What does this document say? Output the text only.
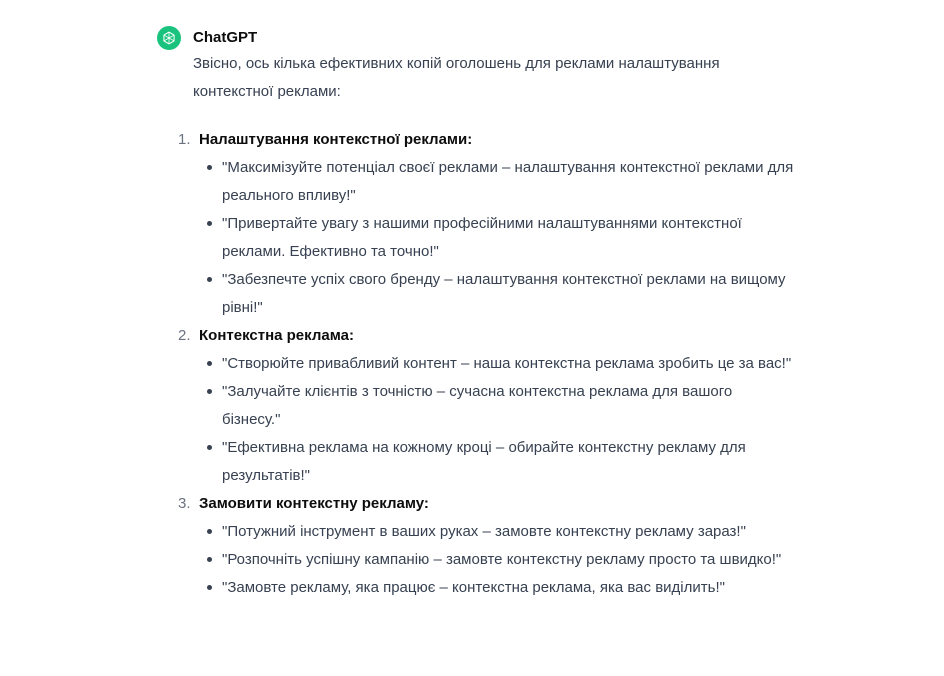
ChatGPT
Звісно, ось кілька ефективних копій оголошень для реклами налаштування контекстної реклами:
1. Налаштування контекстної реклами:
"Максимізуйте потенціал своєї реклами – налаштування контекстної реклами для реального впливу!"
"Привертайте увагу з нашими професійними налаштуваннями контекстної реклами. Ефективно та точно!"
"Забезпечте успіх свого бренду – налаштування контекстної реклами на вищому рівні!"
2. Контекстна реклама:
"Створюйте привабливий контент – наша контекстна реклама зробить це за вас!"
"Залучайте клієнтів з точністю – сучасна контекстна реклама для вашого бізнесу."
"Ефективна реклама на кожному кроці – обирайте контекстну рекламу для результатів!"
3. Замовити контекстну рекламу:
"Потужний інструмент в ваших руках – замовте контекстну рекламу зараз!"
"Розпочніть успішну кампанію – замовте контекстну рекламу просто та швидко!"
"Замовте рекламу, яка працює – контекстна реклама, яка вас виділить!"
